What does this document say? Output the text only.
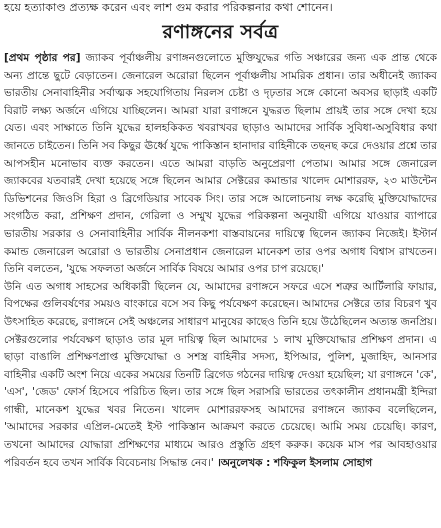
হয়ে হত্যাকাণ্ড প্রত্যক্ষ করেন এবং লাশ গুম করার পরিকল্পনার কথা শোনেন।
রণাঙ্গনের সর্বত্র

[প্রথম পৃষ্ঠার পর] জ্যাকব পূর্বাঞ্চলীয় রণাঙ্গনগুলোতে মুক্তিযুদ্ধের গতি সঞ্চারের জন্য এক প্রান্ত থেকে অন্য প্রান্তে ছুটে বেড়াতেন। জেনারেল অরোরা ছিলেন পূর্বাঞ্চলীয় সামরিক প্রধান। তার অধীনেই জ্যাকব ভারতীয় সেনাবাহিনীর সর্বাত্মক সহযোগিতায় নিরলস চেষ্টা ও দৃঢ়তার সঙ্গে কোনো অবসর ছাড়াই একটি বিরাট লক্ষ্য অর্জনে এগিয়ে যাচ্ছিলেন। আমরা যারা রণাঙ্গনে যুদ্ধরত ছিলাম প্রায়ই তার সঙ্গে দেখা হয়ে যেত। এবং সাক্ষাতে তিনি যুদ্ধের হালহকিকত খবরাখবর ছাড়াও আমাদের সার্বিক সুবিধা-অসুবিধার কথা জানতে চাইতেন। তিনি সব কিছুর ঊর্ধ্বে যুদ্ধে পাকিস্তান হানাদার বাহিনীকে তছনছ করে দেওয়ার প্রশ্নে তার আপসহীন মনোভাব ব্যক্ত করতেন। এতে আমরা বাড়তি অনুপ্রেরণা পেতাম। আমার সঙ্গে জেনারেল জ্যাকবের যতবারই দেখা হয়েছে সঙ্গে ছিলেন আমার সেক্টরের কমান্ডার খালেদ মোশাররফ, ২৩ মাউন্টেন ডিভিশনের জিওসি হিরা ও ব্রিগেডিয়ার সাবেক সিং। তার সঙ্গে আলোচনায় লক্ষ করেছি মুক্তিযোদ্ধাদের সংগঠিত করা, প্রশিক্ষণ প্রদান, গেরিলা ও সম্মুখ যুদ্ধের পরিকল্পনা অনুযায়ী এগিয়ে যাওয়ার ব্যাপারে ভারতীয় সরকার ও সেনাবাহিনীর সার্বিক নীলনকশা বাস্তবায়নের দায়িত্বে ছিলেন জ্যাকব নিজেই। ইস্টার্ন কমান্ড জেনারেল অরোরা ও ভারতীয় সেনাপ্রধান জেনারেল মানেকশ তার ওপর অগাধ বিশ্বাস রাখতেন। তিনি বলতেন, 'যুদ্ধে সফলতা অর্জনে সার্বিক বিষয়ে আমার ওপর চাপ রয়েছে।'

উনি এত অগাধ সাহসের অধিকারী ছিলেন যে, আমাদের রণাঙ্গনে সফরে এসে শত্রুর আর্টিলারি ফায়ার, বিপক্ষের গুলিবর্ষণের সময়ও বাংকারে বসে সব কিছু পর্যবেক্ষণ করেছেন। আমাদের সেক্টরে তার বিচরণ খুব উৎসাহিত করেছে, রণাঙ্গনে সেই অঞ্চলের সাধারণ মানুষের কাছেও তিনি হয়ে উঠেছিলেন অত্যন্ত জনপ্রিয়। সেক্টরগুলোর পর্যবেক্ষণ ছাড়াও তার মূল দায়িত্ব ছিল আমাদের ১ লাখ মুক্তিযোদ্ধার প্রশিক্ষণ প্রদান। এ ছাড়া বাঙালি প্রশিক্ষণপ্রাপ্ত মুক্তিযোদ্ধা ও সশস্ত্র বাহিনীর সদস্য, ইপিআর, পুলিশ, মুজাহিদ, আনসার বাহিনীর একটি অংশ নিয়ে একের সময়ের তিনটি ব্রিগেড গঠনের দায়িত্ব দেওয়া হয়েছিল; যা রণাঙ্গনে 'কে', 'এস', 'জেড' ফোর্স হিসেবে পরিচিত ছিল। তার সঙ্গে ছিল সরাসরি ভারতের তৎকালীন প্রধানমন্ত্রী ইন্দিরা গান্ধী, মানেকশ যুদ্ধের খবর নিতেন। খালেদ মোশাররফসহ আমাদের রণাঙ্গনে জ্যাকব বলেছিলেন, 'আমাদের সরকার এপ্রিল-মেতেই ইস্ট পাকিস্তান আক্রমণ করতে চেয়েছে। আমি সময় চেয়েছি। কারণ, তখনো আমাদের যোদ্ধারা প্রশিক্ষণের মাধ্যমে আরও প্রস্তুতি গ্রহণ করুক। কয়েক মাস পর আবহাওয়ার পরিবর্তন হবে তখন সার্বিক বিবেচনায় সিদ্ধান্ত নেব।' ।অনুলেখক : শফিকুল ইসলাম সোহাগ
